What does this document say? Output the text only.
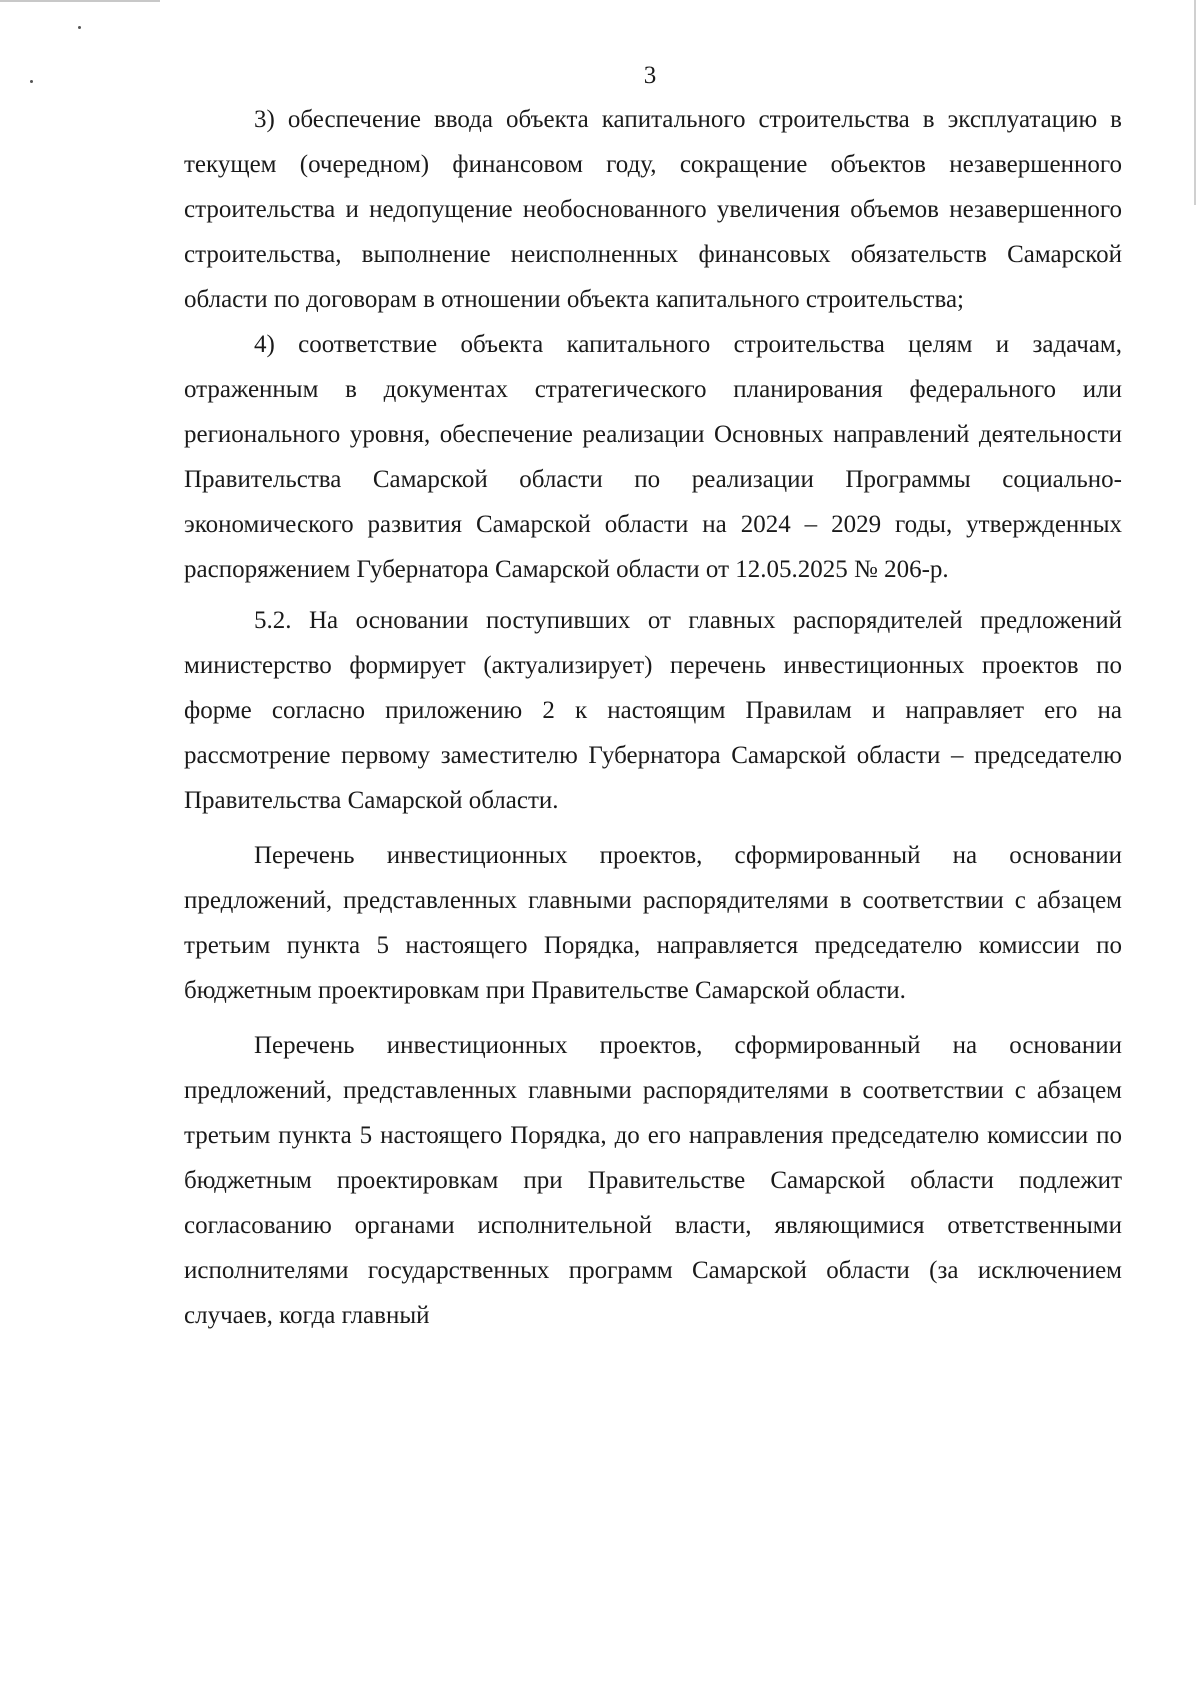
3

3) обеспечение ввода объекта капитального строительства в эксплуатацию в текущем (очередном) финансовом году, сокращение объектов незавершенного строительства и недопущение необоснованного увеличения объемов незавершенного строительства, выполнение неисполненных финансовых обязательств Самарской области по договорам в отношении объекта капитального строительства;

4) соответствие объекта капитального строительства целям и задачам, отраженным в документах стратегического планирования федерального или регионального уровня, обеспечение реализации Основных направлений деятельности Правительства Самарской области по реализации Программы социально-экономического развития Самарской области на 2024 – 2029 годы, утвержденных распоряжением Губернатора Самарской области от 12.05.2025 № 206-р.

5.2. На основании поступивших от главных распорядителей предложений министерство формирует (актуализирует) перечень инвестиционных проектов по форме согласно приложению 2 к настоящим Правилам и направляет его на рассмотрение первому заместителю Губернатора Самарской области – председателю Правительства Самарской области.

Перечень инвестиционных проектов, сформированный на основании предложений, представленных главными распорядителями в соответствии с абзацем третьим пункта 5 настоящего Порядка, направляется председателю комиссии по бюджетным проектировкам при Правительстве Самарской области.

Перечень инвестиционных проектов, сформированный на основании предложений, представленных главными распорядителями в соответствии с абзацем третьим пункта 5 настоящего Порядка, до его направления председателю комиссии по бюджетным проектировкам при Правительстве Самарской области подлежит согласованию органами исполнительной власти, являющимися ответственными исполнителями государственных программ Самарской области (за исключением случаев, когда главный
